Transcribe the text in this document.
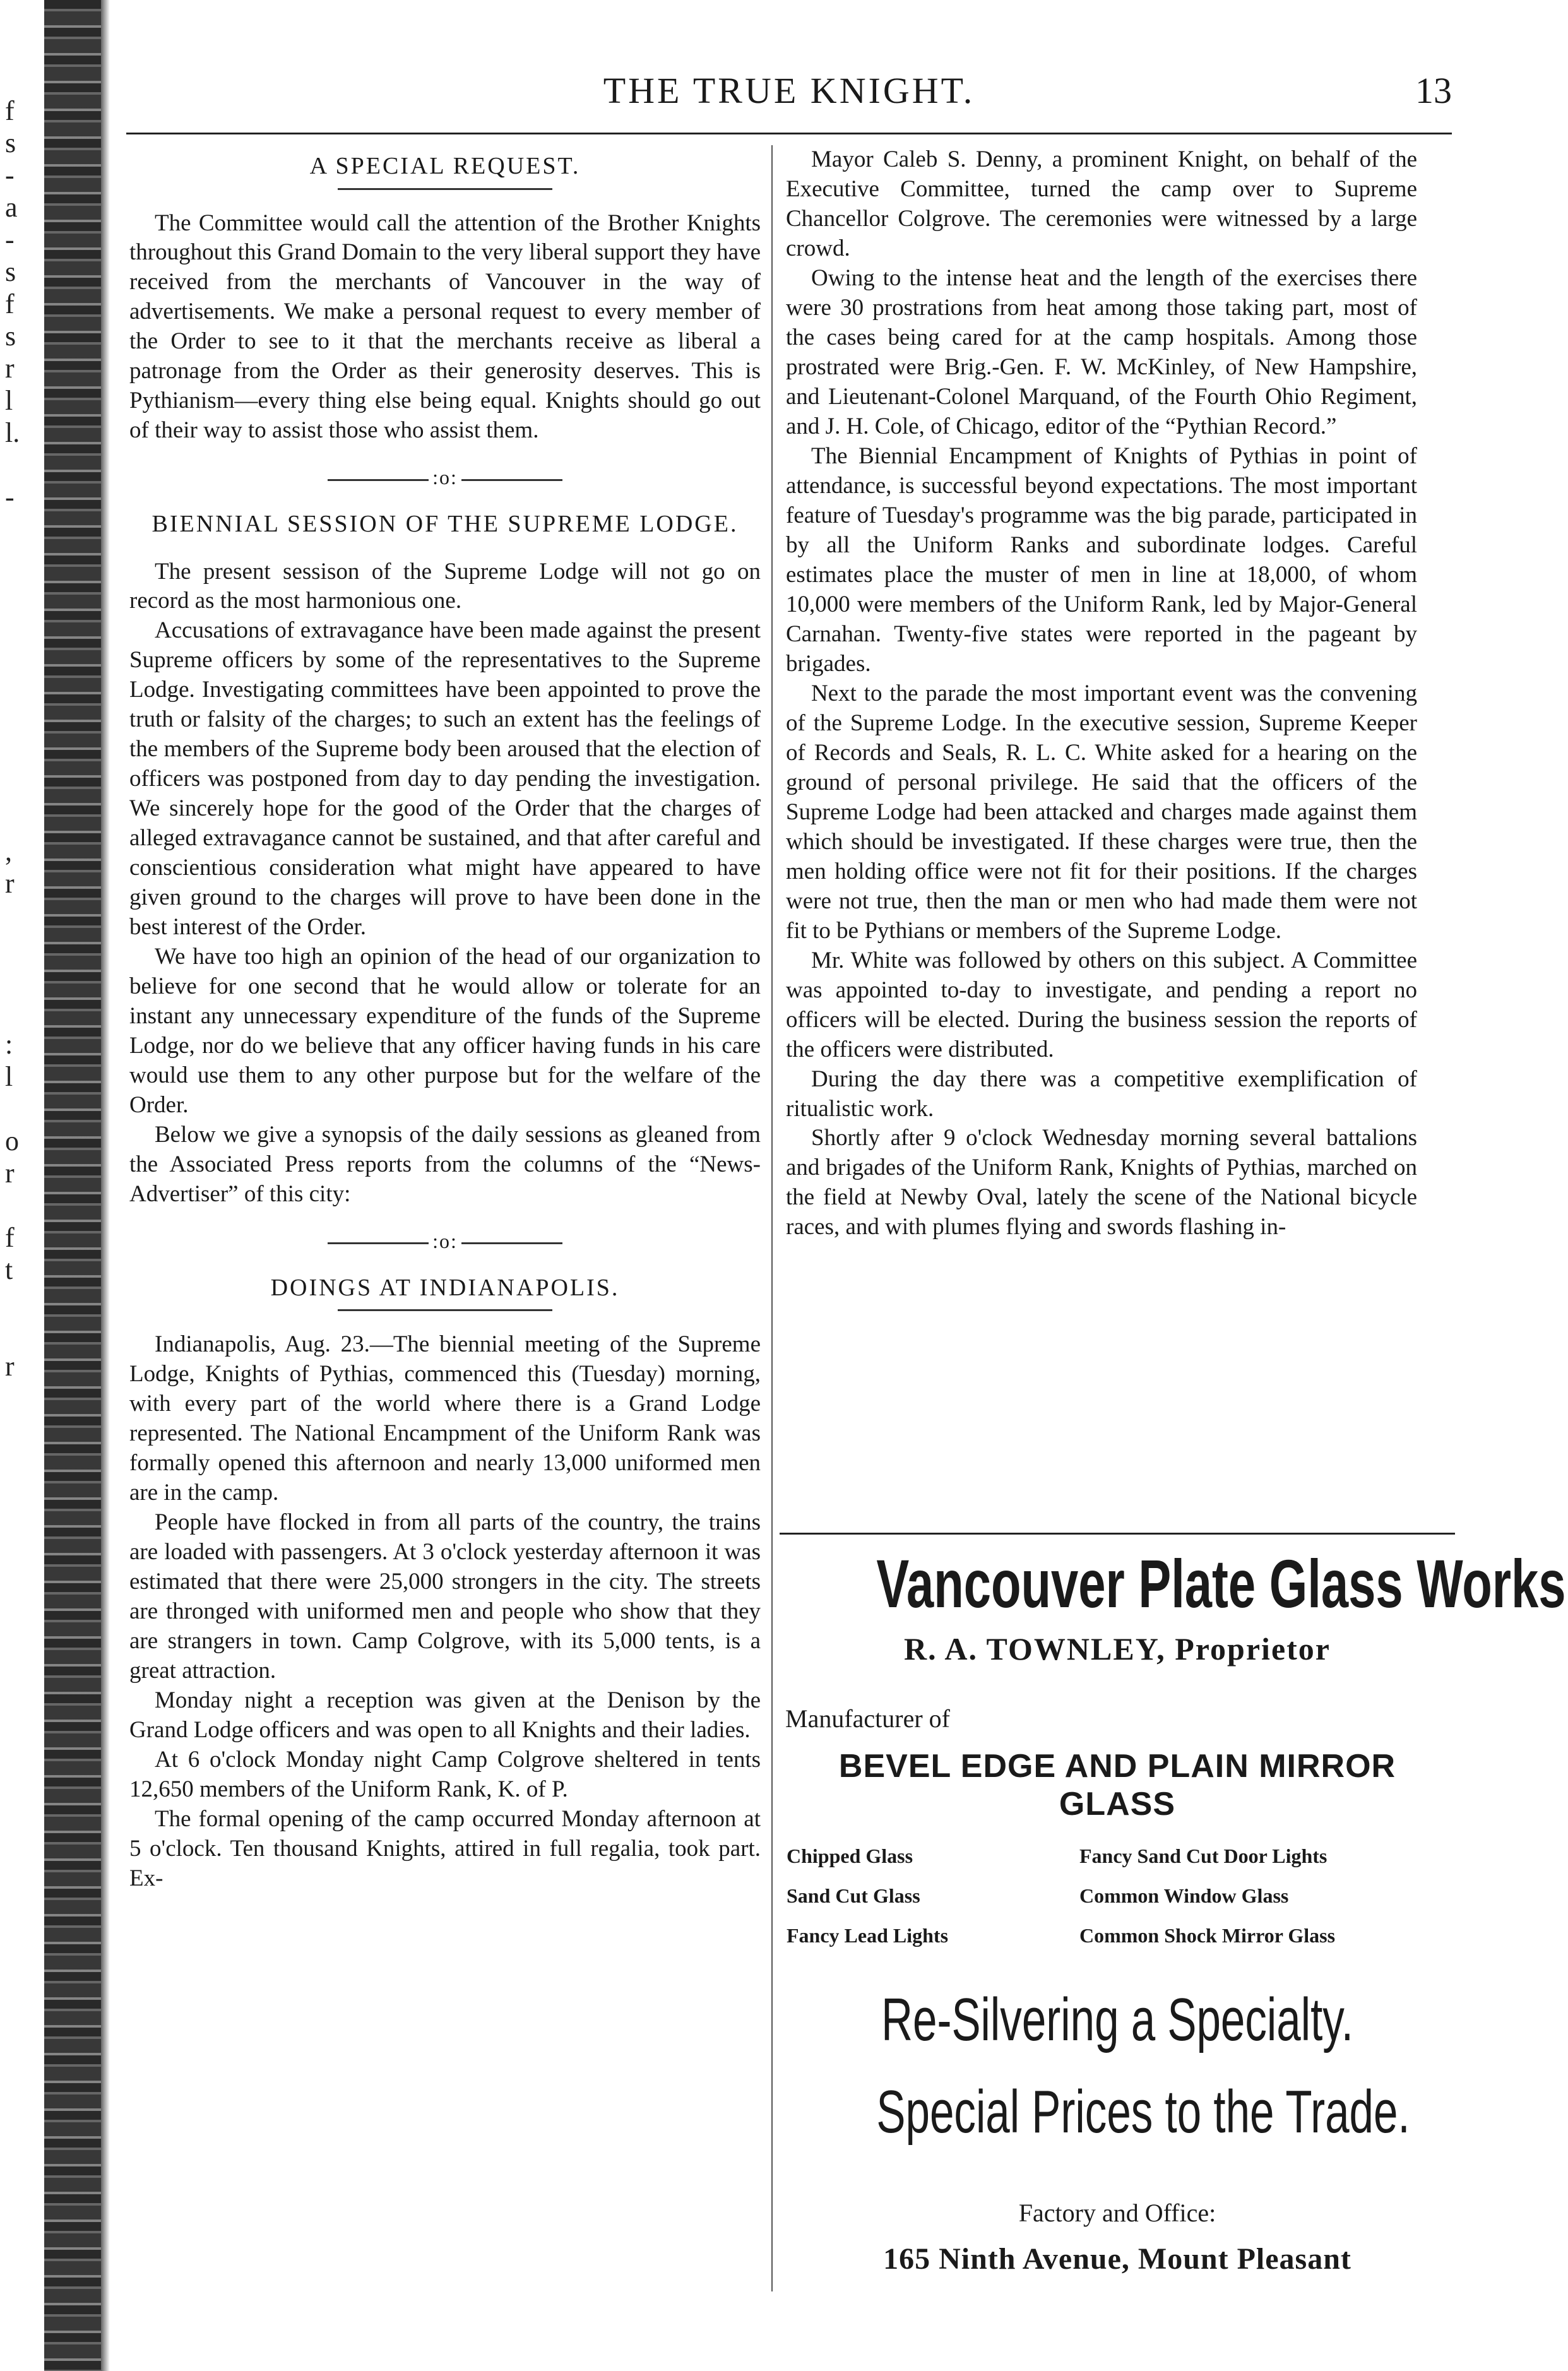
f
s
-
a
-
s
f
s
r
l
l.
-
,
r
:
l
o
r
f
t
r
THE TRUE KNIGHT.	13
A SPECIAL REQUEST.

The Committee would call the attention of the Brother Knights throughout this Grand Domain to the very liberal support they have received from the merchants of Vancouver in the way of advertisements. We make a personal request to every member of the Order to see to it that the merchants receive as liberal a patronage from the Order as their generosity deserves. This is Pythianism—every thing else being equal. Knights should go out of their way to assist those who assist them.

:o:
BIENNIAL SESSION OF THE SUPREME LODGE.

The present sessison of the Supreme Lodge will not go on record as the most harmonious one.

Accusations of extravagance have been made against the present Supreme officers by some of the representatives to the Supreme Lodge. Investigating committees have been appointed to prove the truth or falsity of the charges; to such an extent has the feelings of the members of the Supreme body been aroused that the election of officers was postponed from day to day pending the investigation. We sincerely hope for the good of the Order that the charges of alleged extravagance cannot be sustained, and that after careful and conscientious consideration what might have appeared to have given ground to the charges will prove to have been done in the best interest of the Order.

We have too high an opinion of the head of our organization to believe for one second that he would allow or tolerate for an instant any unnecessary expenditure of the funds of the Supreme Lodge, nor do we believe that any officer having funds in his care would use them to any other purpose but for the welfare of the Order.

Below we give a synopsis of the daily sessions as gleaned from the Associated Press reports from the columns of the “News-Advertiser” of this city:

:o:
DOINGS AT INDIANAPOLIS.

Indianapolis, Aug. 23.—The biennial meeting of the Supreme Lodge, Knights of Pythias, commenced this (Tuesday) morning, with every part of the world where there is a Grand Lodge represented. The National Encampment of the Uniform Rank was formally opened this afternoon and nearly 13,000 uniformed men are in the camp.

People have flocked in from all parts of the country, the trains are loaded with passengers. At 3 o'clock yesterday afternoon it was estimated that there were 25,000 strongers in the city. The streets are thronged with uniformed men and people who show that they are strangers in town. Camp Colgrove, with its 5,000 tents, is a great attraction.

Monday night a reception was given at the Denison by the Grand Lodge officers and was open to all Knights and their ladies.

At 6 o'clock Monday night Camp Colgrove sheltered in tents 12,650 members of the Uniform Rank, K. of P.

The formal opening of the camp occurred Monday afternoon at 5 o'clock. Ten thousand Knights, attired in full regalia, took part. Ex-

Mayor Caleb S. Denny, a prominent Knight, on behalf of the Executive Committee, turned the camp over to Supreme Chancellor Colgrove. The ceremonies were witnessed by a large crowd.

Owing to the intense heat and the length of the exercises there were 30 prostrations from heat among those taking part, most of the cases being cared for at the camp hospitals. Among those prostrated were Brig.-Gen. F. W. McKinley, of New Hampshire, and Lieutenant-Colonel Marquand, of the Fourth Ohio Regiment, and J. H. Cole, of Chicago, editor of the “Pythian Record.”

The Biennial Encampment of Knights of Pythias in point of attendance, is successful beyond expectations. The most important feature of Tuesday's programme was the big parade, participated in by all the Uniform Ranks and subordinate lodges. Careful estimates place the muster of men in line at 18,000, of whom 10,000 were members of the Uniform Rank, led by Major-General Carnahan. Twenty-five states were reported in the pageant by brigades.

Next to the parade the most important event was the convening of the Supreme Lodge. In the executive session, Supreme Keeper of Records and Seals, R. L. C. White asked for a hearing on the ground of personal privilege. He said that the officers of the Supreme Lodge had been attacked and charges made against them which should be investigated. If these charges were true, then the men holding office were not fit for their positions. If the charges were not true, then the man or men who had made them were not fit to be Pythians or members of the Supreme Lodge.

Mr. White was followed by others on this subject. A Committee was appointed to-day to investigate, and pending a report no officers will be elected. During the business session the reports of the officers were distributed.

During the day there was a competitive exemplification of ritualistic work.

Shortly after 9 o'clock Wednesday morning several battalions and brigades of the Uniform Rank, Knights of Pythias, marched on the field at Newby Oval, lately the scene of the National bicycle races, and with plumes flying and swords flashing in-

Vancouver Plate Glass Works
R. A. TOWNLEY, Proprietor
Manufacturer of
BEVEL EDGE AND PLAIN MIRROR GLASS
Chipped Glass	Fancy Sand Cut Door Lights
Sand Cut Glass	Common Window Glass
Fancy Lead Lights	Common Shock Mirror Glass
Re-Silvering a Specialty.
Special Prices to the Trade.
Factory and Office:
165 Ninth Avenue, Mount Pleasant
